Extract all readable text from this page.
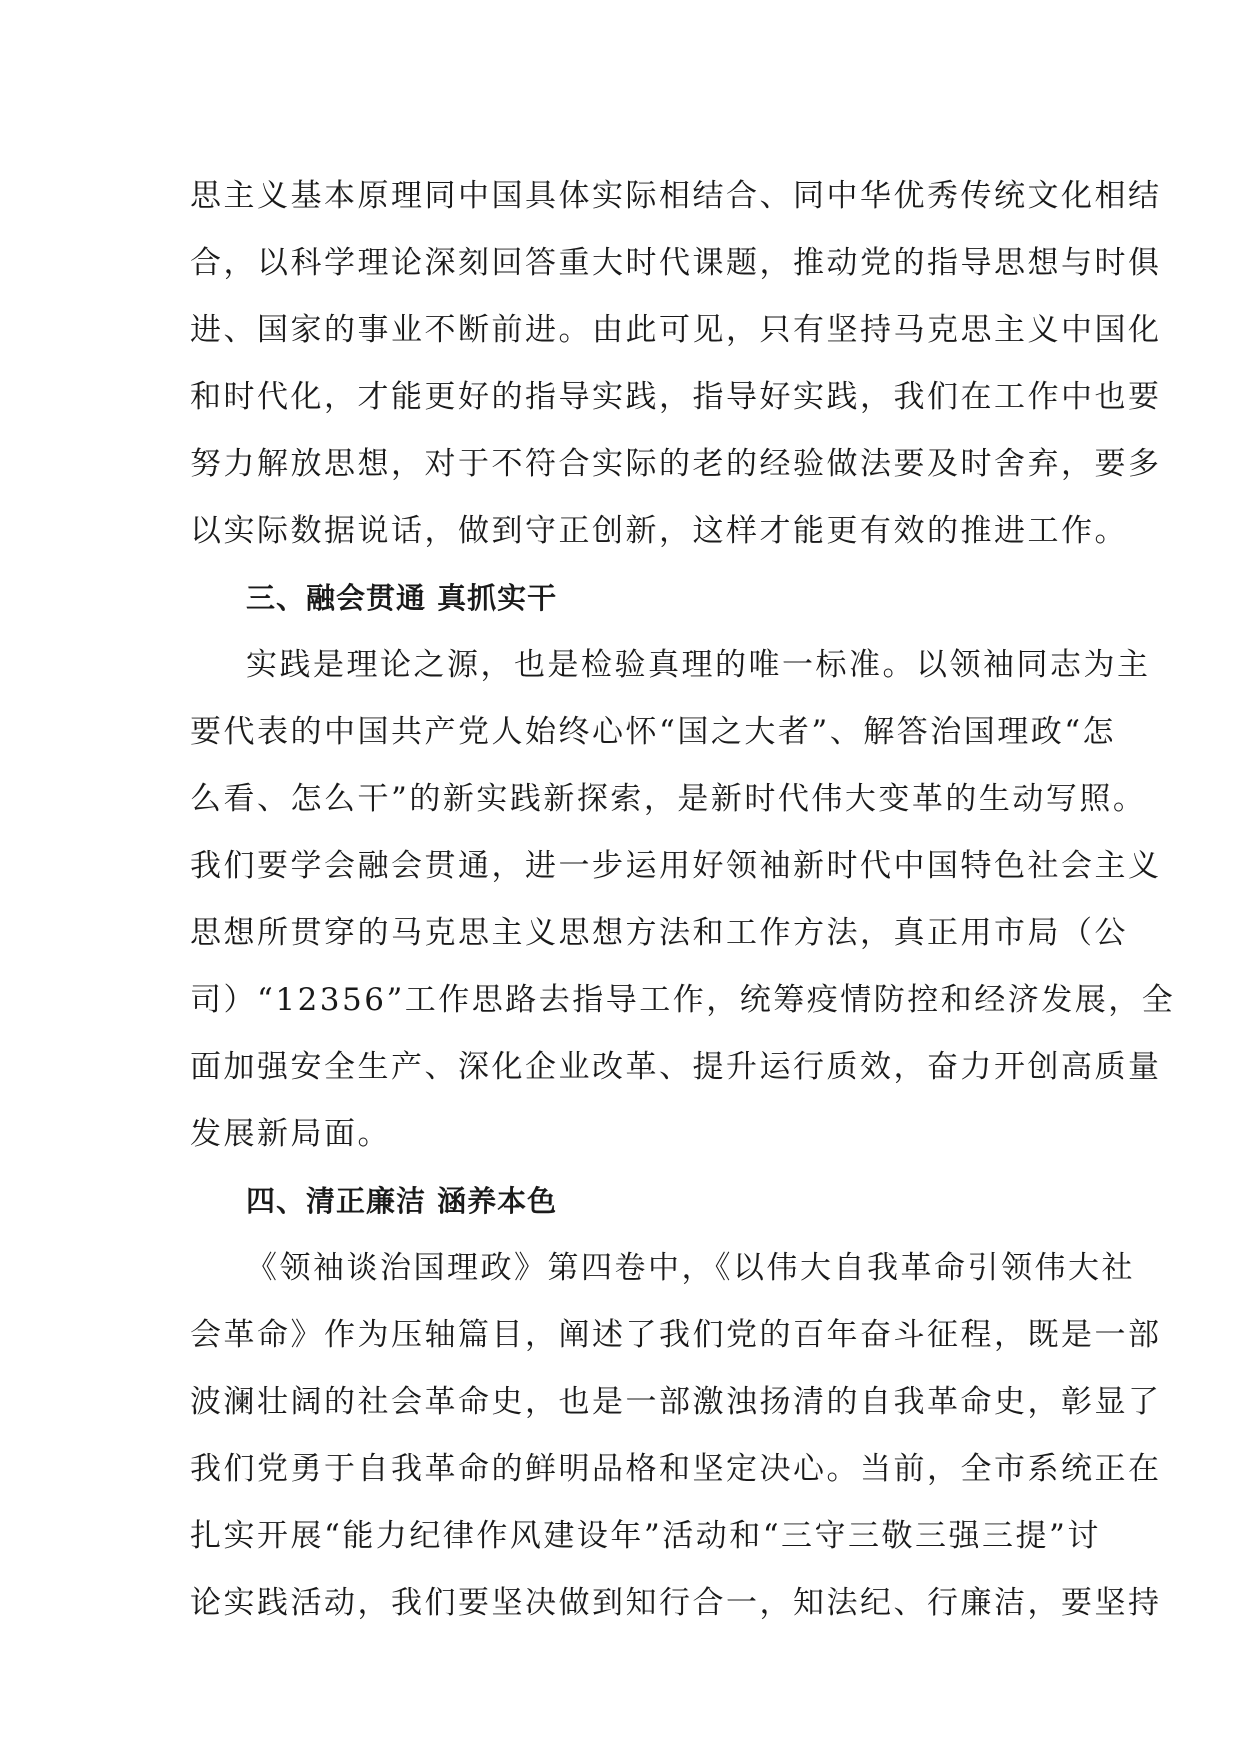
思主义基本原理同中国具体实际相结合、同中华优秀传统文化相结

合，以科学理论深刻回答重大时代课题，推动党的指导思想与时俱

进、国家的事业不断前进。由此可见，只有坚持马克思主义中国化

和时代化，才能更好的指导实践，指导好实践，我们在工作中也要

努力解放思想，对于不符合实际的老的经验做法要及时舍弃，要多

以实际数据说话，做到守正创新，这样才能更有效的推进工作。

三、融会贯通 真抓实干

实践是理论之源，也是检验真理的唯一标准。以领袖同志为主

要代表的中国共产党人始终心怀“国之大者”、解答治国理政“怎

么看、怎么干”的新实践新探索，是新时代伟大变革的生动写照。

我们要学会融会贯通，进一步运用好领袖新时代中国特色社会主义

思想所贯穿的马克思主义思想方法和工作方法，真正用市局（公

司）“12356”工作思路去指导工作，统筹疫情防控和经济发展，全

面加强安全生产、深化企业改革、提升运行质效，奋力开创高质量

发展新局面。

四、清正廉洁 涵养本色

《领袖谈治国理政》第四卷中，《以伟大自我革命引领伟大社

会革命》作为压轴篇目，阐述了我们党的百年奋斗征程，既是一部

波澜壮阔的社会革命史，也是一部激浊扬清的自我革命史，彰显了

我们党勇于自我革命的鲜明品格和坚定决心。当前，全市系统正在

扎实开展“能力纪律作风建设年”活动和“三守三敬三强三提”讨

论实践活动，我们要坚决做到知行合一，知法纪、行廉洁，要坚持
